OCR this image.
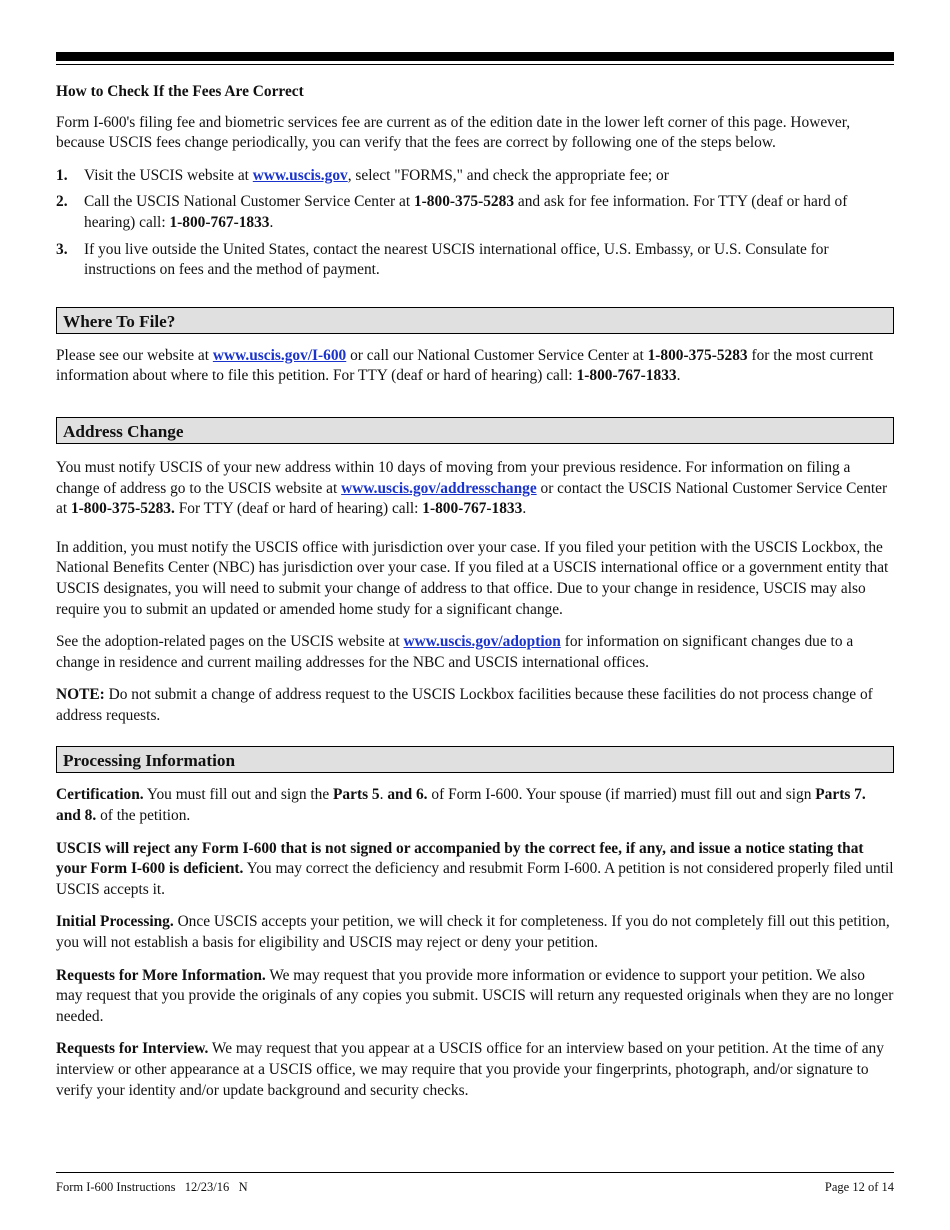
How to Check If the Fees Are Correct

Form I-600's filing fee and biometric services fee are current as of the edition date in the lower left corner of this page. However, because USCIS fees change periodically, you can verify that the fees are correct by following one of the steps below.

1. Visit the USCIS website at www.uscis.gov, select "FORMS," and check the appropriate fee; or
2. Call the USCIS National Customer Service Center at 1-800-375-5283 and ask for fee information. For TTY (deaf or hard of hearing) call: 1-800-767-1833.
3. If you live outside the United States, contact the nearest USCIS international office, U.S. Embassy, or U.S. Consulate for instructions on fees and the method of payment.
Where To File?

Please see our website at www.uscis.gov/I-600 or call our National Customer Service Center at 1-800-375-5283 for the most current information about where to file this petition. For TTY (deaf or hard of hearing) call: 1-800-767-1833.

Address Change

You must notify USCIS of your new address within 10 days of moving from your previous residence. For information on filing a change of address go to the USCIS website at www.uscis.gov/addresschange or contact the USCIS National Customer Service Center at 1-800-375-5283. For TTY (deaf or hard of hearing) call: 1-800-767-1833.

In addition, you must notify the USCIS office with jurisdiction over your case. If you filed your petition with the USCIS Lockbox, the National Benefits Center (NBC) has jurisdiction over your case. If you filed at a USCIS international office or a government entity that USCIS designates, you will need to submit your change of address to that office. Due to your change in residence, USCIS may also require you to submit an updated or amended home study for a significant change.

See the adoption-related pages on the USCIS website at www.uscis.gov/adoption for information on significant changes due to a change in residence and current mailing addresses for the NBC and USCIS international offices.

NOTE: Do not submit a change of address request to the USCIS Lockbox facilities because these facilities do not process change of address requests.

Processing Information

Certification. You must fill out and sign the Parts 5. and 6. of Form I-600. Your spouse (if married) must fill out and sign Parts 7. and 8. of the petition.

USCIS will reject any Form I-600 that is not signed or accompanied by the correct fee, if any, and issue a notice stating that your Form I-600 is deficient. You may correct the deficiency and resubmit Form I-600. A petition is not considered properly filed until USCIS accepts it.

Initial Processing. Once USCIS accepts your petition, we will check it for completeness. If you do not completely fill out this petition, you will not establish a basis for eligibility and USCIS may reject or deny your petition.

Requests for More Information. We may request that you provide more information or evidence to support your petition. We also may request that you provide the originals of any copies you submit. USCIS will return any requested originals when they are no longer needed.

Requests for Interview. We may request that you appear at a USCIS office for an interview based on your petition. At the time of any interview or other appearance at a USCIS office, we may require that you provide your fingerprints, photograph, and/or signature to verify your identity and/or update background and security checks.

Form I-600 Instructions   12/23/16   N	Page 12 of 14
